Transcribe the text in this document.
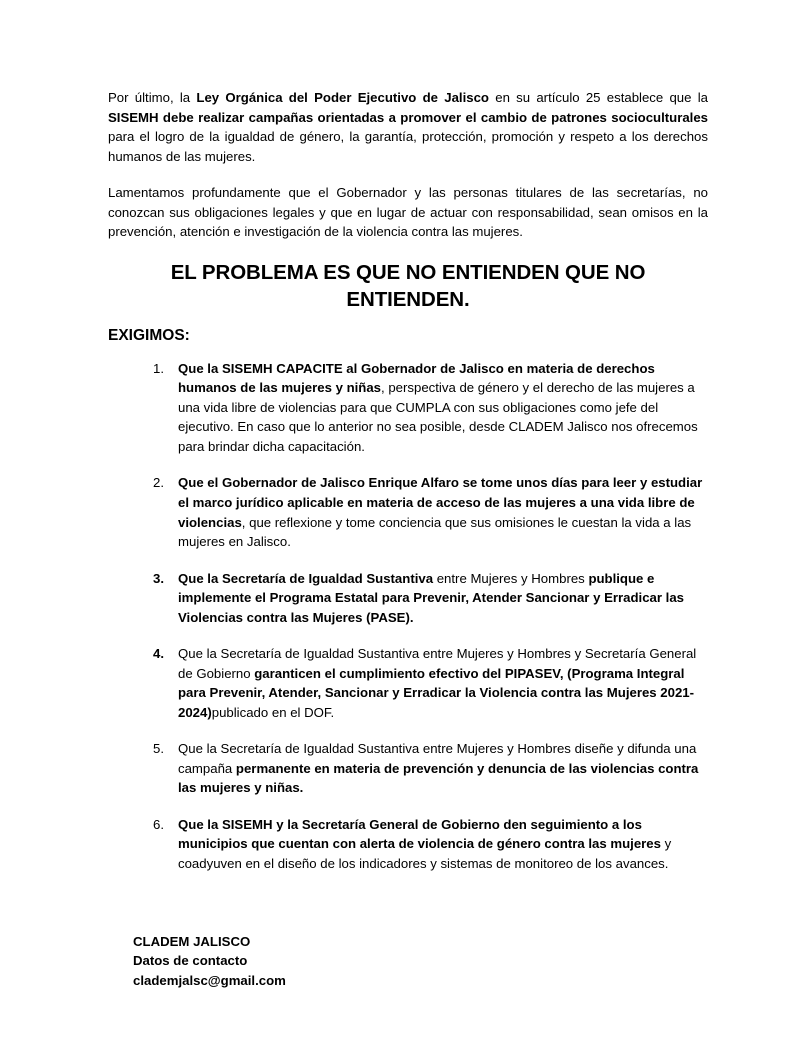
Por último, la Ley Orgánica del Poder Ejecutivo de Jalisco en su artículo 25 establece que la SISEMH debe realizar campañas orientadas a promover el cambio de patrones socioculturales para el logro de la igualdad de género, la garantía, protección, promoción y respeto a los derechos humanos de las mujeres.

Lamentamos profundamente que el Gobernador y las personas titulares de las secretarías, no conozcan sus obligaciones legales y que en lugar de actuar con responsabilidad, sean omisos en la prevención, atención e investigación de la violencia contra las mujeres.

EL PROBLEMA ES QUE NO ENTIENDEN QUE NO ENTIENDEN.
EXIGIMOS:
1. Que la SISEMH CAPACITE al Gobernador de Jalisco en materia de derechos humanos de las mujeres y niñas, perspectiva de género y el derecho de las mujeres a una vida libre de violencias para que CUMPLA con sus obligaciones como jefe del ejecutivo. En caso que lo anterior no sea posible, desde CLADEM Jalisco nos ofrecemos para brindar dicha capacitación.
2. Que el Gobernador de Jalisco Enrique Alfaro se tome unos días para leer y estudiar el marco jurídico aplicable en materia de acceso de las mujeres a una vida libre de violencias, que reflexione y tome conciencia que sus omisiones le cuestan la vida a las mujeres en Jalisco.
3. Que la Secretaría de Igualdad Sustantiva entre Mujeres y Hombres publique e implemente el Programa Estatal para Prevenir, Atender Sancionar y Erradicar las Violencias contra las Mujeres (PASE).
4. Que la Secretaría de Igualdad Sustantiva entre Mujeres y Hombres y Secretaría General de Gobierno garanticen el cumplimiento efectivo del PIPASEV, (Programa Integral para Prevenir, Atender, Sancionar y Erradicar la Violencia contra las Mujeres 2021-2024)publicado en el DOF.
5. Que la Secretaría de Igualdad Sustantiva entre Mujeres y Hombres diseñe y difunda una campaña permanente en materia de prevención y denuncia de las violencias contra las mujeres y niñas.
6. Que la SISEMH y la Secretaría General de Gobierno den seguimiento a los municipios que cuentan con alerta de violencia de género contra las mujeres y coadyuven en el diseño de los indicadores y sistemas de monitoreo de los avances.
CLADEM JALISCO
Datos de contacto
clademjalsc@gmail.com
